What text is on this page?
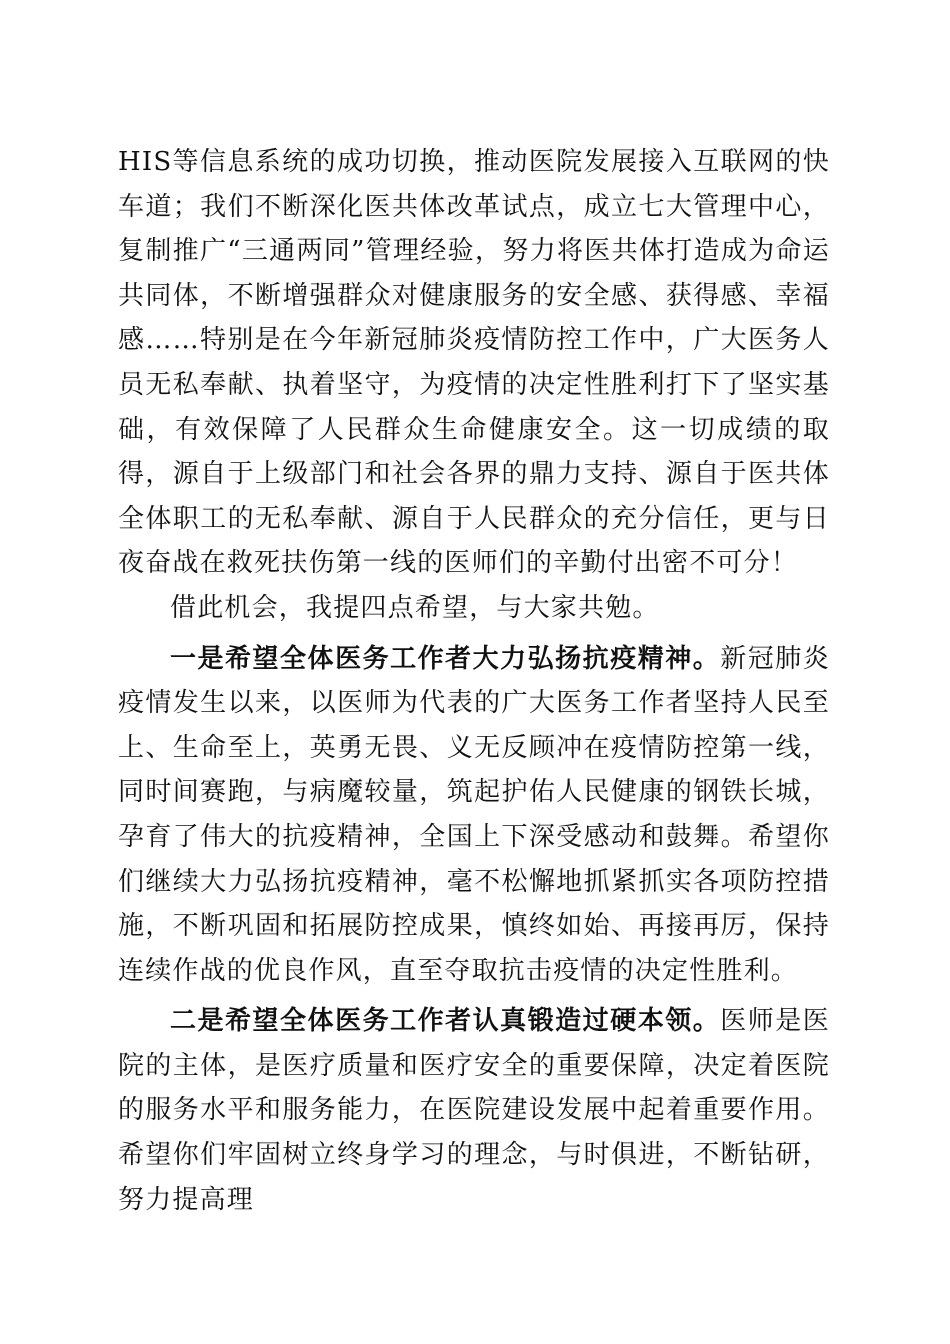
HIS等信息系统的成功切换，推动医院发展接入互联网的快车道；我们不断深化医共体改革试点，成立七大管理中心，复制推广“三通两同”管理经验，努力将医共体打造成为命运共同体，不断增强群众对健康服务的安全感、获得感、幸福感……特别是在今年新冠肺炎疫情防控工作中，广大医务人员无私奉献、执着坚守，为疫情的决定性胜利打下了坚实基础，有效保障了人民群众生命健康安全。这一切成绩的取得，源自于上级部门和社会各界的鼎力支持、源自于医共体全体职工的无私奉献、源自于人民群众的充分信任，更与日夜奋战在救死扶伤第一线的医师们的辛勤付出密不可分！

借此机会，我提四点希望，与大家共勉。

一是希望全体医务工作者大力弘扬抗疫精神。新冠肺炎疫情发生以来，以医师为代表的广大医务工作者坚持人民至上、生命至上，英勇无畏、义无反顾冲在疫情防控第一线，同时间赛跑，与病魔较量，筑起护佑人民健康的钢铁长城，孕育了伟大的抗疫精神，全国上下深受感动和鼓舞。希望你们继续大力弘扬抗疫精神，毫不松懈地抓紧抓实各项防控措施，不断巩固和拓展防控成果，慎终如始、再接再厉，保持连续作战的优良作风，直至夺取抗击疫情的决定性胜利。

二是希望全体医务工作者认真锻造过硬本领。医师是医院的主体，是医疗质量和医疗安全的重要保障，决定着医院的服务水平和服务能力，在医院建设发展中起着重要作用。希望你们牢固树立终身学习的理念，与时俱进，不断钻研，努力提高理
